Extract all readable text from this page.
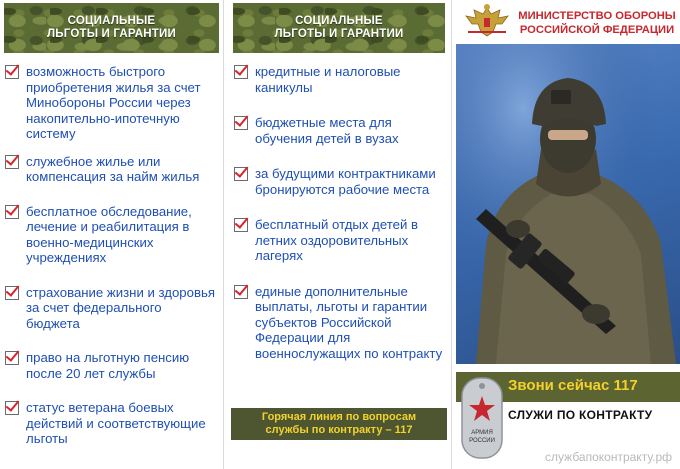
СОЦИАЛЬНЫЕ
ЛЬГОТЫ И ГАРАНТИИ
возможность быстрого приобретения жилья за счет Минобороны России через накопительно-ипотечную систему
служебное жилье или компенсация за найм жилья
бесплатное обследование, лечение и реабилитация в военно-медицинских учреждениях
страхование жизни и здоровья за счет федерального бюджета
право на льготную пенсию после 20 лет службы
статус ветерана боевых действий и соответствующие льготы
СОЦИАЛЬНЫЕ
ЛЬГОТЫ И ГАРАНТИИ
кредитные и налоговые каникулы
бюджетные места для обучения детей в вузах
за будущими контрактниками бронируются рабочие места
бесплатный отдых детей в летних оздоровительных лагерях
единые дополнительные выплаты, льготы и гарантии субъектов Российской Федерации для военнослужащих по контракту
Горячая линия по вопросам
службы по контракту – 117
МИНИСТЕРСТВО ОБОРОНЫ
РОССИЙСКОЙ ФЕДЕРАЦИИ
Звони сейчас 117
СЛУЖИ ПО КОНТРАКТУ
АРМИЯ
РОССИИ
службапоконтракту.рф
